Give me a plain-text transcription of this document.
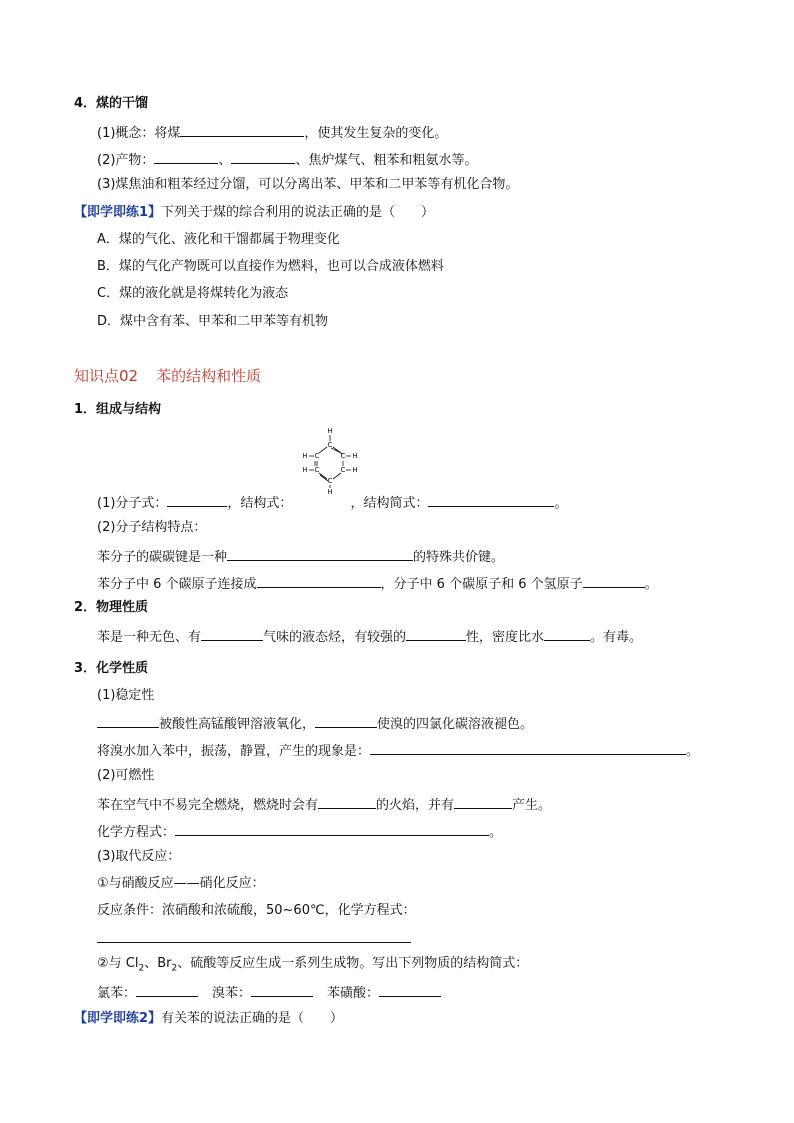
4．煤的干馏
(1)概念：将煤	，使其发生复杂的变化。
(2)产物：	、	、焦炉煤气、粗苯和粗氨水等。
(3)煤焦油和粗苯经过分馏，可以分离出苯、甲苯和二甲苯等有机化合物。
【即学即练1】下列关于煤的综合利用的说法正确的是（　　）
A．煤的气化、液化和干馏都属于物理变化
B．煤的气化产物既可以直接作为燃料，也可以合成液体燃料
C．煤的液化就是将煤转化为液态
D．煤中含有苯、甲苯和二甲苯等有机物
知识点02 苯的结构和性质
1．组成与结构
H
C
C	C
C	C
C
H
H	H
H	H
(1)分子式：	，结构式：	，结构简式：	。
(2)分子结构特点：
苯分子的碳碳键是一种	的特殊共价键。
苯分子中 6 个碳原子连接成	，分子中 6 个碳原子和 6 个氢原子	。
2．物理性质
苯是一种无色、有	气味的液态烃，有较强的	性，密度比水	。有毒。
3．化学性质
(1)稳定性
被酸性高锰酸钾溶液氧化，	使溴的四氯化碳溶液褪色。
将溴水加入苯中，振荡，静置，产生的现象是：	。
(2)可燃性
苯在空气中不易完全燃烧，燃烧时会有	的火焰，并有	产生。
化学方程式：	。
(3)取代反应：
①与硝酸反应——硝化反应：
反应条件：浓硝酸和浓硫酸，50~60℃，化学方程式：
②与 $Cl_2$、$Br_2$、硫酸等反应生成一系列生成物。写出下列物质的结构简式：
氯苯：	溴苯：	苯磺酸：
【即学即练2】有关苯的说法正确的是（　　）
